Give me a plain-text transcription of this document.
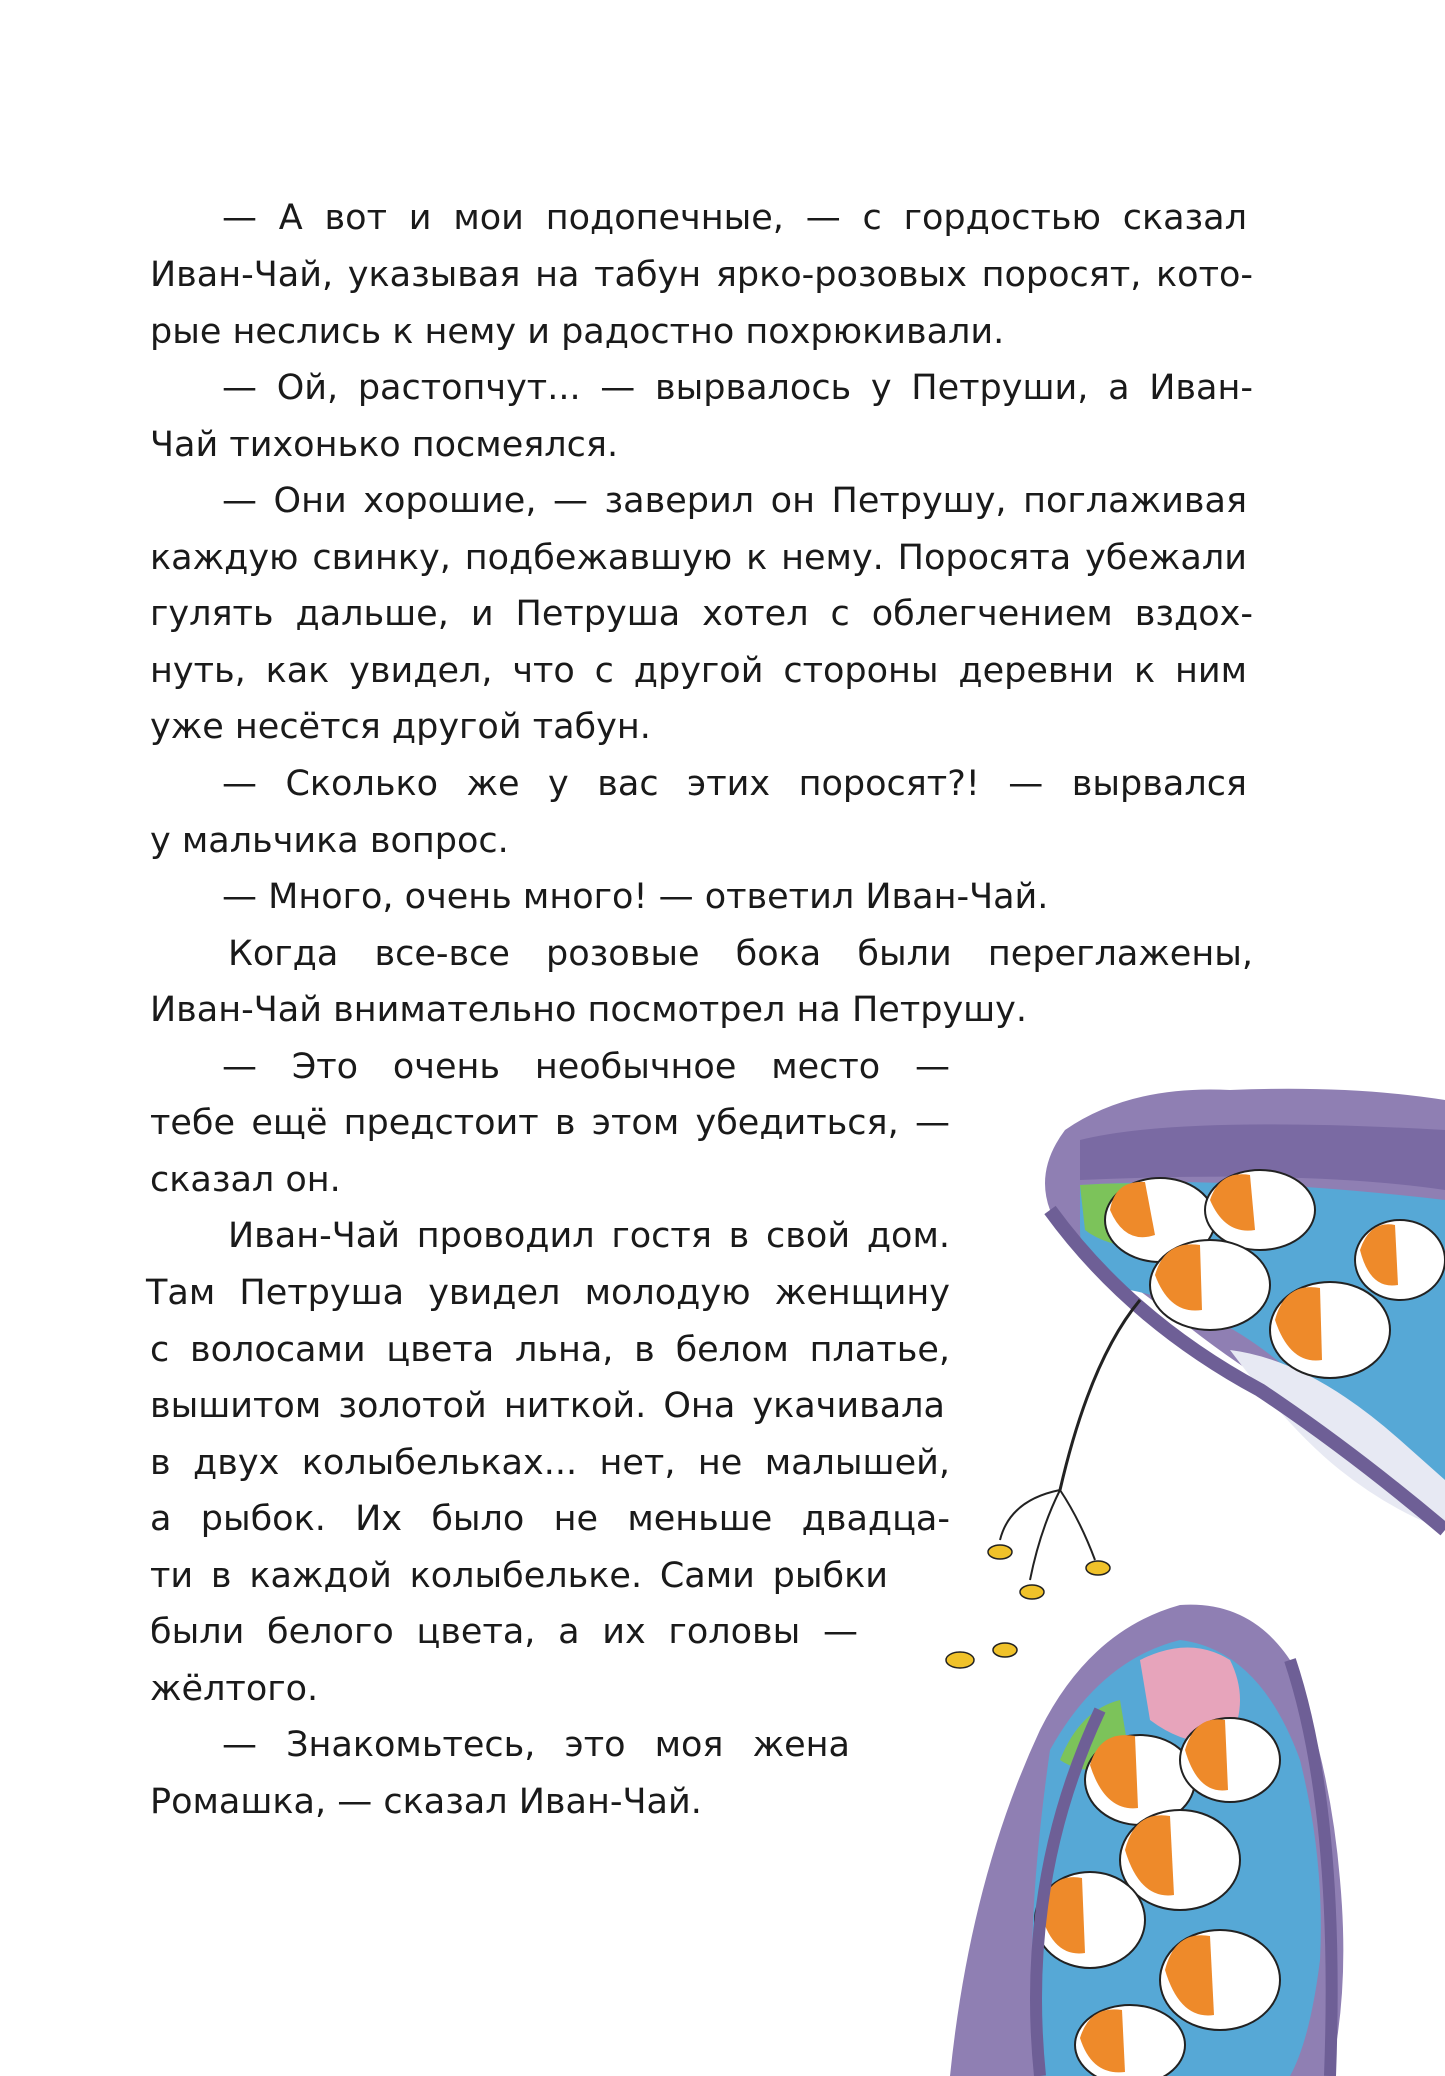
— А вот и мои подопечные, — с гордостью сказал
Иван-Чай, указывая на табун ярко-розовых поросят, кото-
рые неслись к нему и радостно похрюкивали.
— Ой, растопчут... — вырвалось у Петруши, а Иван-
Чай тихонько посмеялся.
— Они хорошие, — заверил он Петрушу, поглаживая
каждую свинку, подбежавшую к нему. Поросята убежали
гулять дальше, и Петруша хотел с облегчением вздох-
нуть, как увидел, что с другой стороны деревни к ним
уже несётся другой табун.
— Сколько же у вас этих поросят?! — вырвался
у мальчика вопрос.
— Много, очень много! — ответил Иван-Чай.
Когда все-все розовые бока были переглажены,
Иван-Чай внимательно посмотрел на Петрушу.
— Это очень необычное место —
тебе ещё предстоит в этом убедиться, —
сказал он.
Иван-Чай проводил гостя в свой дом.
Там Петруша увидел молодую женщину
с волосами цвета льна, в белом платье,
вышитом золотой ниткой. Она укачивала
в двух колыбельках... нет, не малышей,
а рыбок. Их было не меньше двадца-
ти в каждой колыбельке. Сами рыбки
были белого цвета, а их головы —
жёлтого.
— Знакомьтесь, это моя жена
Ромашка, — сказал Иван-Чай.
